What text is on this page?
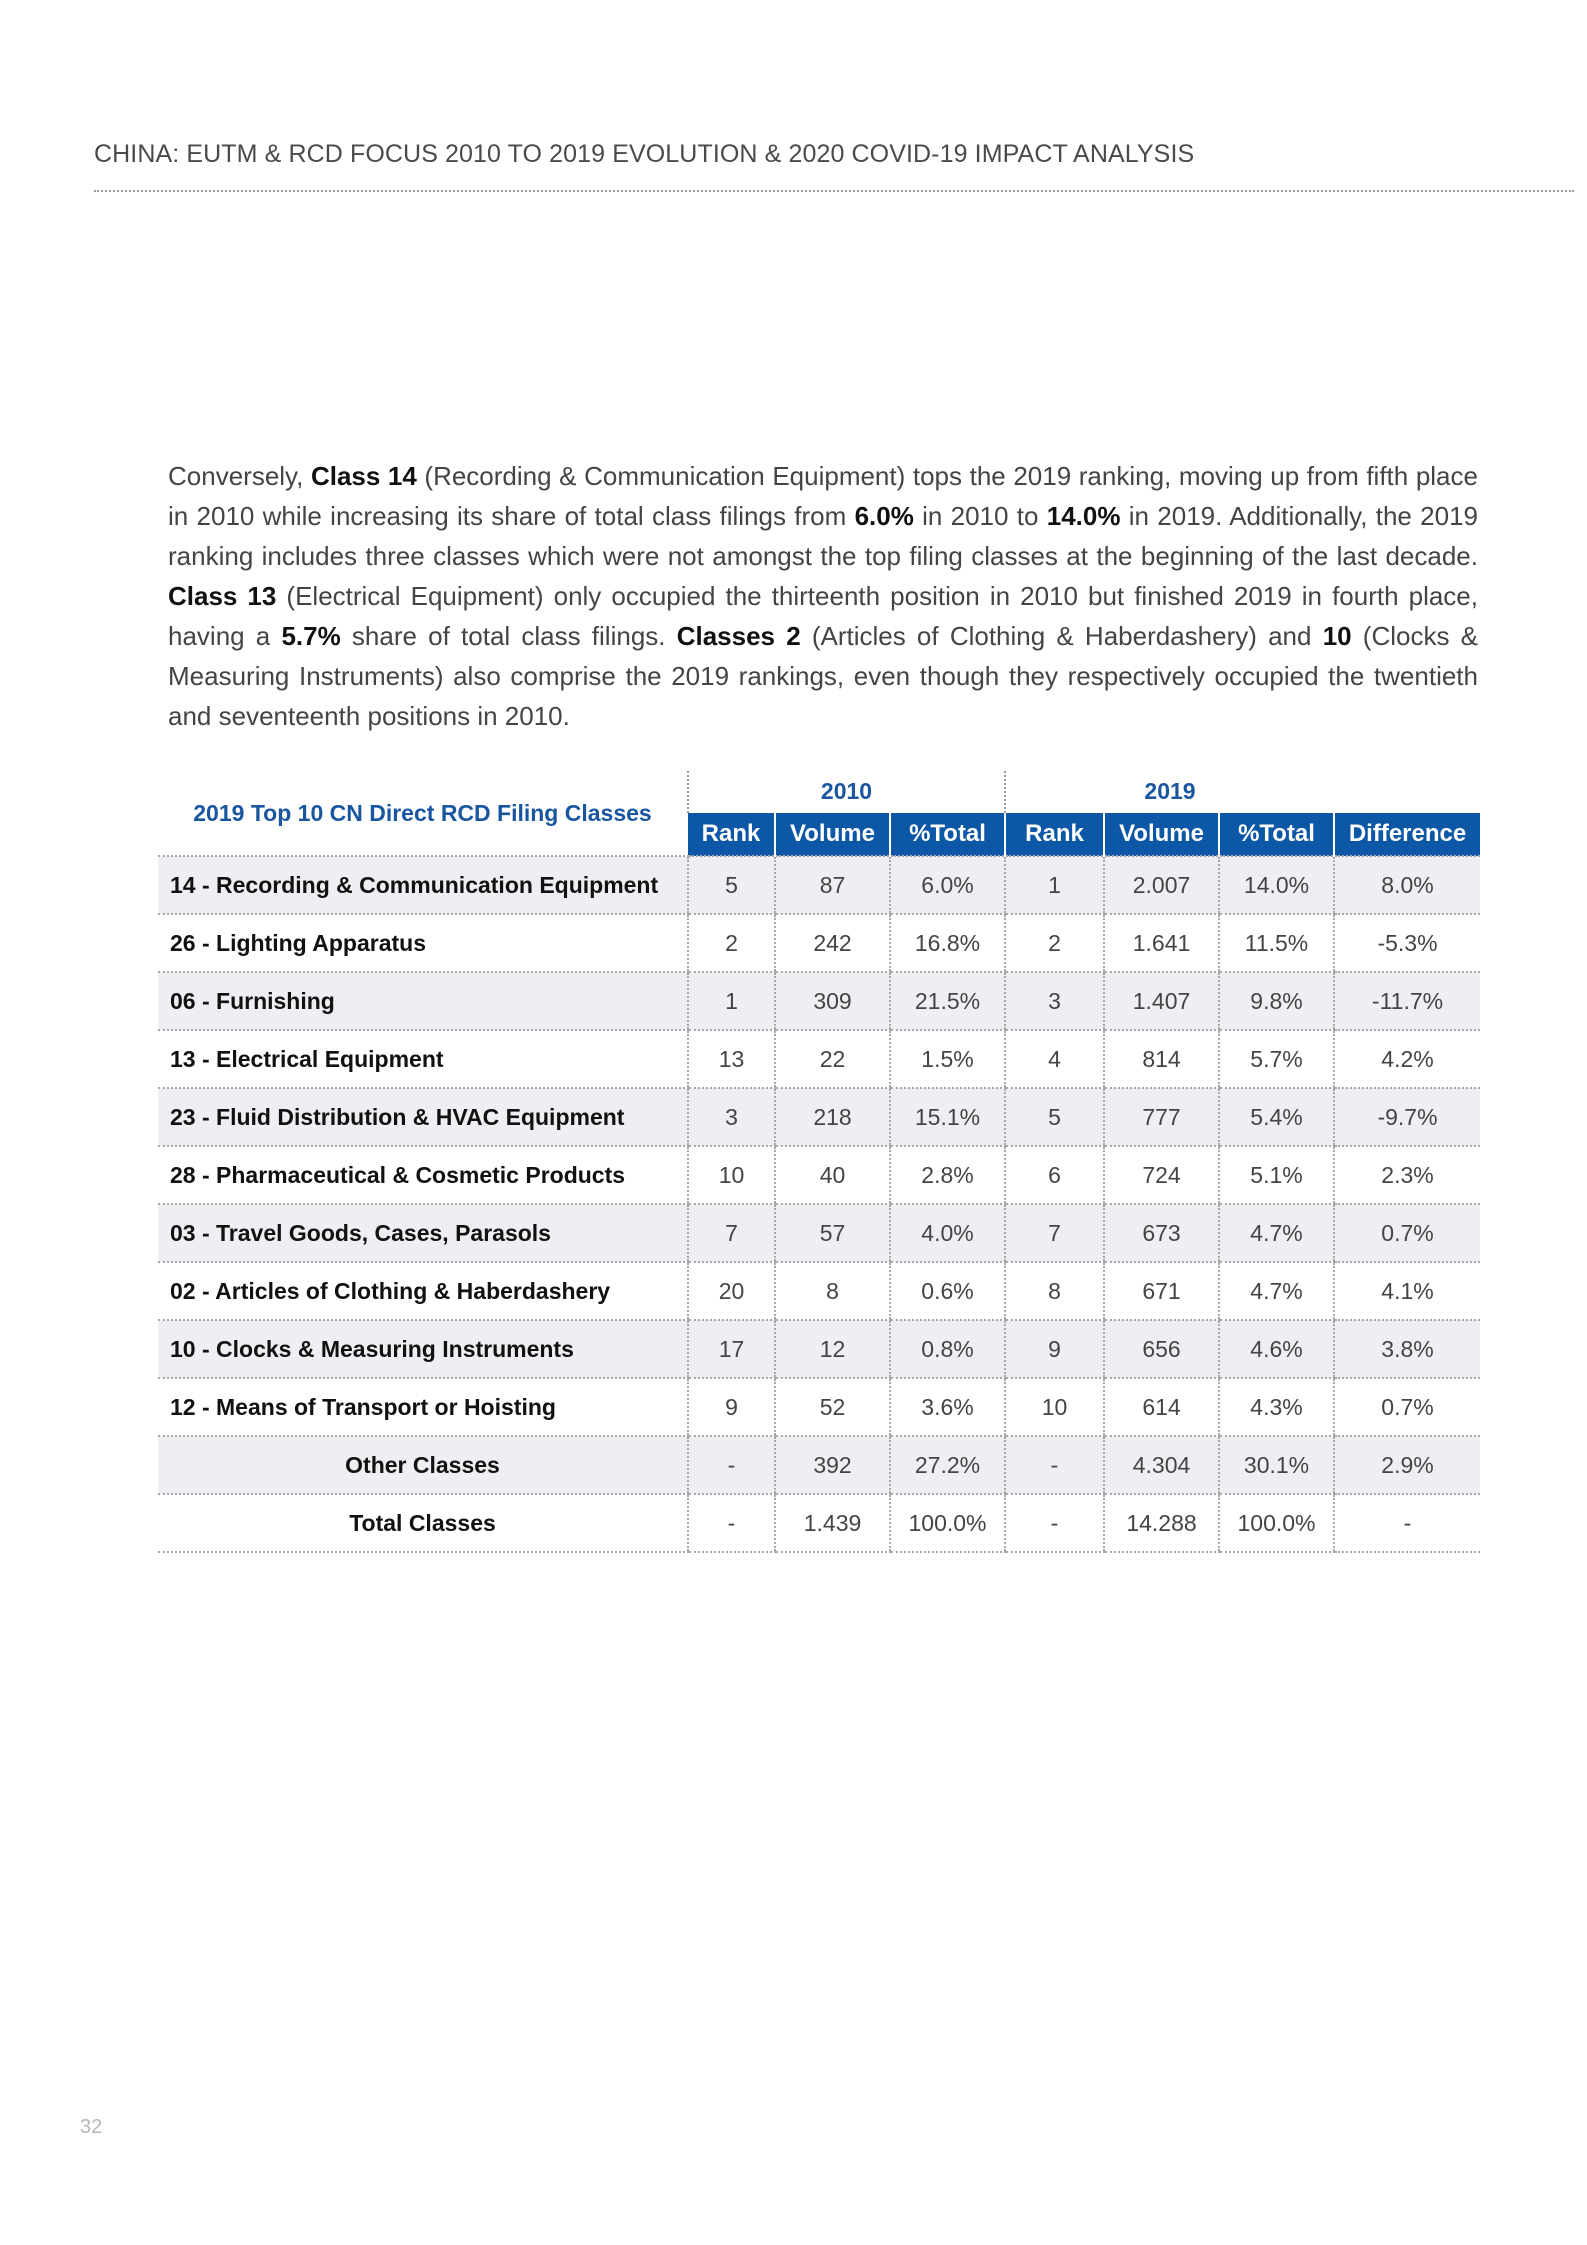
CHINA: EUTM & RCD FOCUS 2010 TO 2019 EVOLUTION & 2020 COVID-19 IMPACT ANALYSIS
Conversely, Class 14 (Recording & Communication Equipment) tops the 2019 ranking, moving up from fifth place in 2010 while increasing its share of total class filings from 6.0% in 2010 to 14.0% in 2019. Additionally, the 2019 ranking includes three classes which were not amongst the top filing classes at the beginning of the last decade. Class 13 (Electrical Equipment) only occupied the thirteenth position in 2010 but finished 2019 in fourth place, having a 5.7% share of total class filings. Classes 2 (Articles of Clothing & Haberdashery) and 10 (Clocks & Measuring Instruments) also comprise the 2019 rankings, even though they respectively occupied the twentieth and seventeenth positions in 2010.
2019 Top 10 CN Direct RCD Filing Classes	2010			2019			
	Rank	Volume	%Total	Rank	Volume	%Total	Difference
14 - Recording & Communication Equipment	5	87	6.0%	1	2.007	14.0%	8.0%
26 - Lighting Apparatus	2	242	16.8%	2	1.641	11.5%	-5.3%
06 - Furnishing	1	309	21.5%	3	1.407	9.8%	-11.7%
13 - Electrical Equipment	13	22	1.5%	4	814	5.7%	4.2%
23 - Fluid Distribution & HVAC Equipment	3	218	15.1%	5	777	5.4%	-9.7%
28 - Pharmaceutical & Cosmetic Products	10	40	2.8%	6	724	5.1%	2.3%
03 - Travel Goods, Cases, Parasols	7	57	4.0%	7	673	4.7%	0.7%
02 - Articles of Clothing & Haberdashery	20	8	0.6%	8	671	4.7%	4.1%
10 - Clocks & Measuring Instruments	17	12	0.8%	9	656	4.6%	3.8%
12 - Means of Transport or Hoisting	9	52	3.6%	10	614	4.3%	0.7%
Other Classes	-	392	27.2%	-	4.304	30.1%	2.9%
Total Classes	-	1.439	100.0%	-	14.288	100.0%	-
32
